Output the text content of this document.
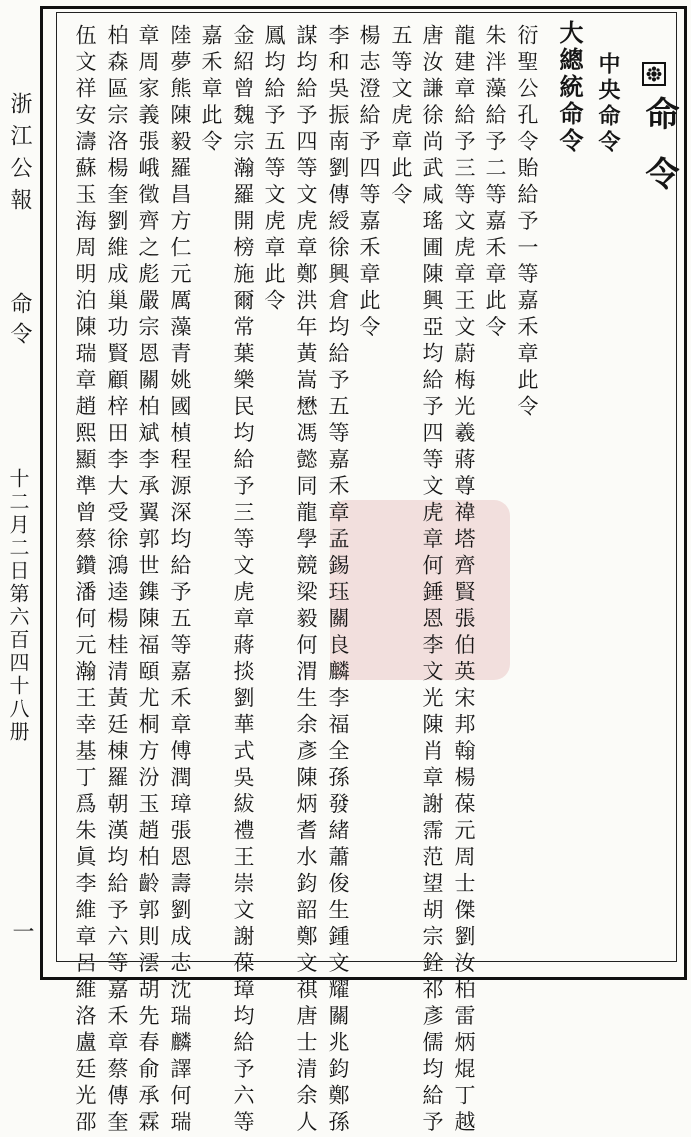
浙江公報
命令
十二月二日第六百四十八册
一
命令
中央命令
大總統命令
衍聖公孔令貽給予一等嘉禾章此令
朱泮藻給予二等嘉禾章此令
龍建章給予三等文虎章王文蔚梅光羲蔣尊禕塔齊賢張伯英宋邦翰楊葆元周士傑劉汝柏雷炳焜丁越
唐汝謙徐尚武咸瑤圃陳興亞均給予四等文虎章何錘恩李文光陳肖章謝霈范望胡宗銓祁彥儒均給予
五等文虎章此令
楊志澄給予四等嘉禾章此令
李和吳振南劉傳綬徐興倉均給予五等嘉禾章孟錫珏關良麟李福全孫發緒蕭俊生鍾文耀關兆鈞鄭孫
謀均給予四等文虎章鄭洪年黃嵩懋馮懿同龍學競梁毅何渭生余彥陳炳耆水鈞韶鄭文祺唐士清余人
鳳均給予五等文虎章此令
金紹曾魏宗瀚羅開榜施爾常葉樂民均給予三等文虎章蔣掞劉華式吳紱禮王崇文謝葆璋均給予六等
嘉禾章此令
陸夢熊陳毅羅昌方仁元厲藻青姚國楨程源深均給予五等嘉禾章傅潤璋張恩壽劉成志沈瑞麟譯何瑞
章周家義張峨徵齊之彪嚴宗恩關柏斌李承翼郭世鏶陳福頤尤桐方汾玉趙柏齡郭則澐胡先春俞承霖
柏森區宗洛楊奎劉維成巢功賢顧梓田李大受徐鴻逵楊桂清黃廷棟羅朝漢均給予六等嘉禾章蔡傳奎
伍文祥安濤蘇玉海周明泊陳瑞章趙熙顯準曾蔡鑽潘何元瀚王幸基丁爲朱眞李維章呂維洛盧廷光邵
